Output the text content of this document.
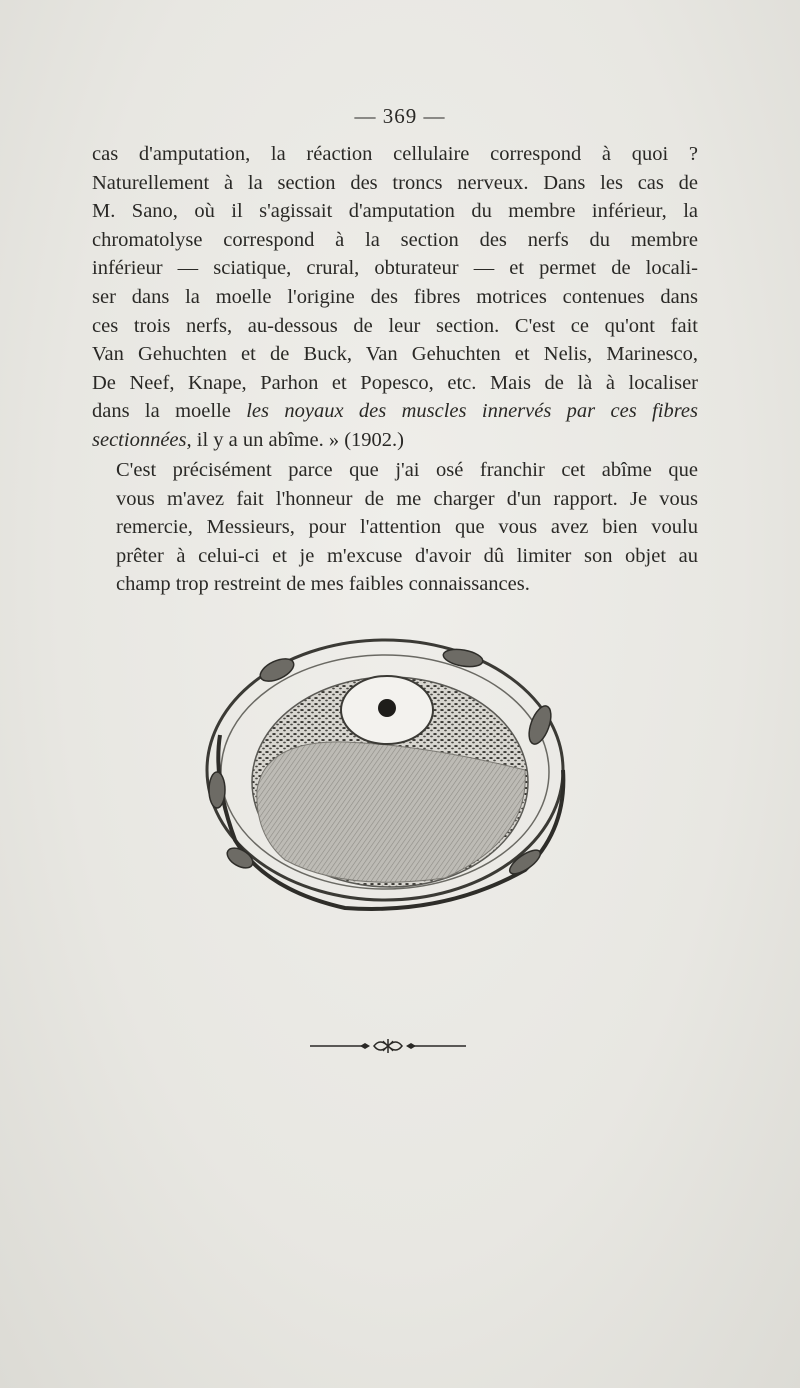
— 369 —
cas d'amputation, la réaction cellulaire correspond à quoi ?
Naturellement à la section des troncs nerveux. Dans les cas de
M. Sano, où il s'agissait d'amputation du membre inférieur, la
chromatolyse correspond à la section des nerfs du membre
inférieur — sciatique, crural, obturateur — et permet de locali-
ser dans la moelle l'origine des fibres motrices contenues dans
ces trois nerfs, au-dessous de leur section. C'est ce qu'ont fait
Van Gehuchten et de Buck, Van Gehuchten et Nelis, Marinesco,
De Neef, Knape, Parhon et Popesco, etc. Mais de là à localiser
dans la moelle les noyaux des muscles innervés par ces fibres
sectionnées, il y a un abîme. » (1902.)
C'est précisément parce que j'ai osé franchir cet abîme que
vous m'avez fait l'honneur de me charger d'un rapport. Je vous
remercie, Messieurs, pour l'attention que vous avez bien voulu
prêter à celui-ci et je m'excuse d'avoir dû limiter son objet au
champ trop restreint de mes faibles connaissances.
